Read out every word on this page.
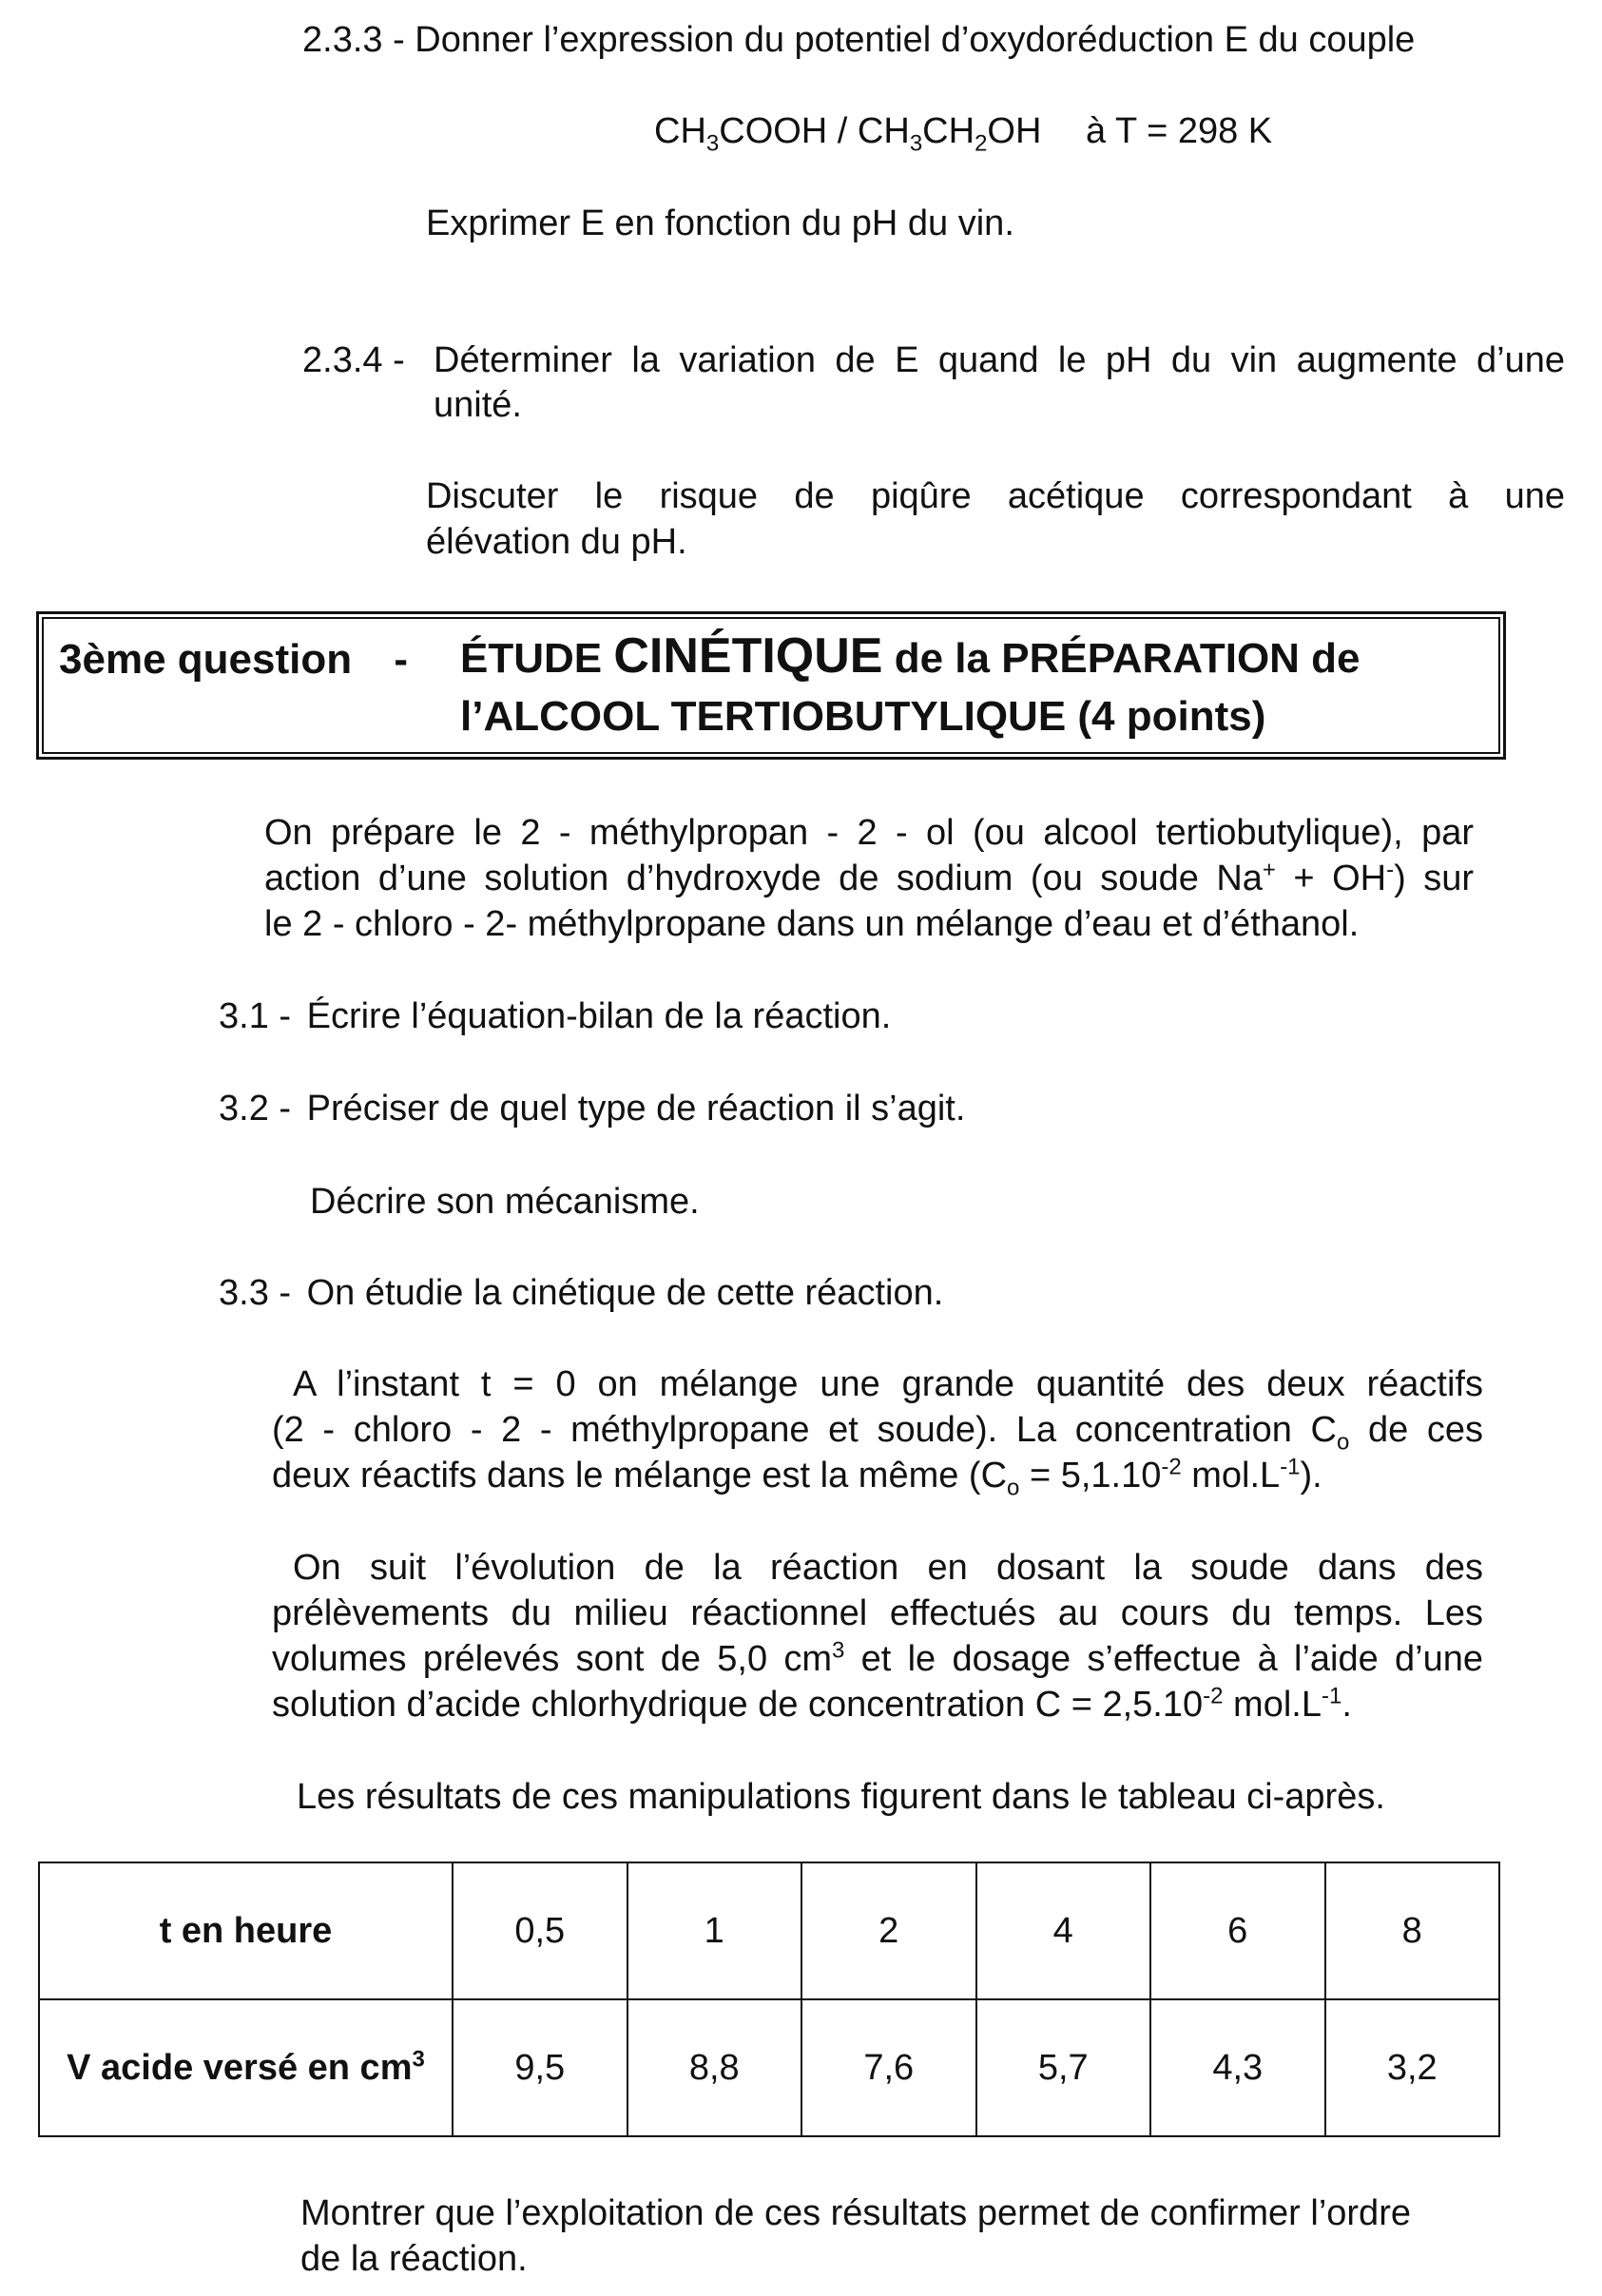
2.3.3 - Donner l’expression du potentiel d’oxydoréduction E du couple
$CH_3COOH / CH_3CH_2OH$ à T = 298 K
Exprimer E en fonction du pH du vin.
2.3.4 - Déterminer la variation de E quand le pH du vin augmente d’une
unité.
Discuter le risque de piqûre acétique correspondant à une
élévation du pH.
3ème question - ÉTUDE CINÉTIQUE de la PRÉPARATION de
l’ALCOOL TERTIOBUTYLIQUE (4 points)
On prépare le 2 - méthylpropan - 2 - ol (ou alcool tertiobutylique), par
action d’une solution d’hydroxyde de sodium (ou soude Na+ + OH-) sur
le 2 - chloro - 2- méthylpropane dans un mélange d’eau et d’éthanol.
3.1 - Écrire l’équation-bilan de la réaction.
3.2 - Préciser de quel type de réaction il s’agit.
Décrire son mécanisme.
3.3 - On étudie la cinétique de cette réaction.
A l’instant t = 0 on mélange une grande quantité des deux réactifs
(2 - chloro - 2 - méthylpropane et soude). La concentration $C_o$ de ces
deux réactifs dans le mélange est la même ($C_o = 5,1.10^{-2}$ $mol.L^{-1}$).
On suit l’évolution de la réaction en dosant la soude dans des
prélèvements du milieu réactionnel effectués au cours du temps. Les
volumes prélevés sont de 5,0 $cm^3$ et le dosage s’effectue à l’aide d’une
solution d’acide chlorhydrique de concentration $C = 2,5.10^{-2}$ $mol.L^{-1}$.
Les résultats de ces manipulations figurent dans le tableau ci-après.
t en heure	0,5	1	2	4	6	8
V acide versé en $cm^3$	9,5	8,8	7,6	5,7	4,3	3,2
Montrer que l’exploitation de ces résultats permet de confirmer l’ordre
de la réaction.
